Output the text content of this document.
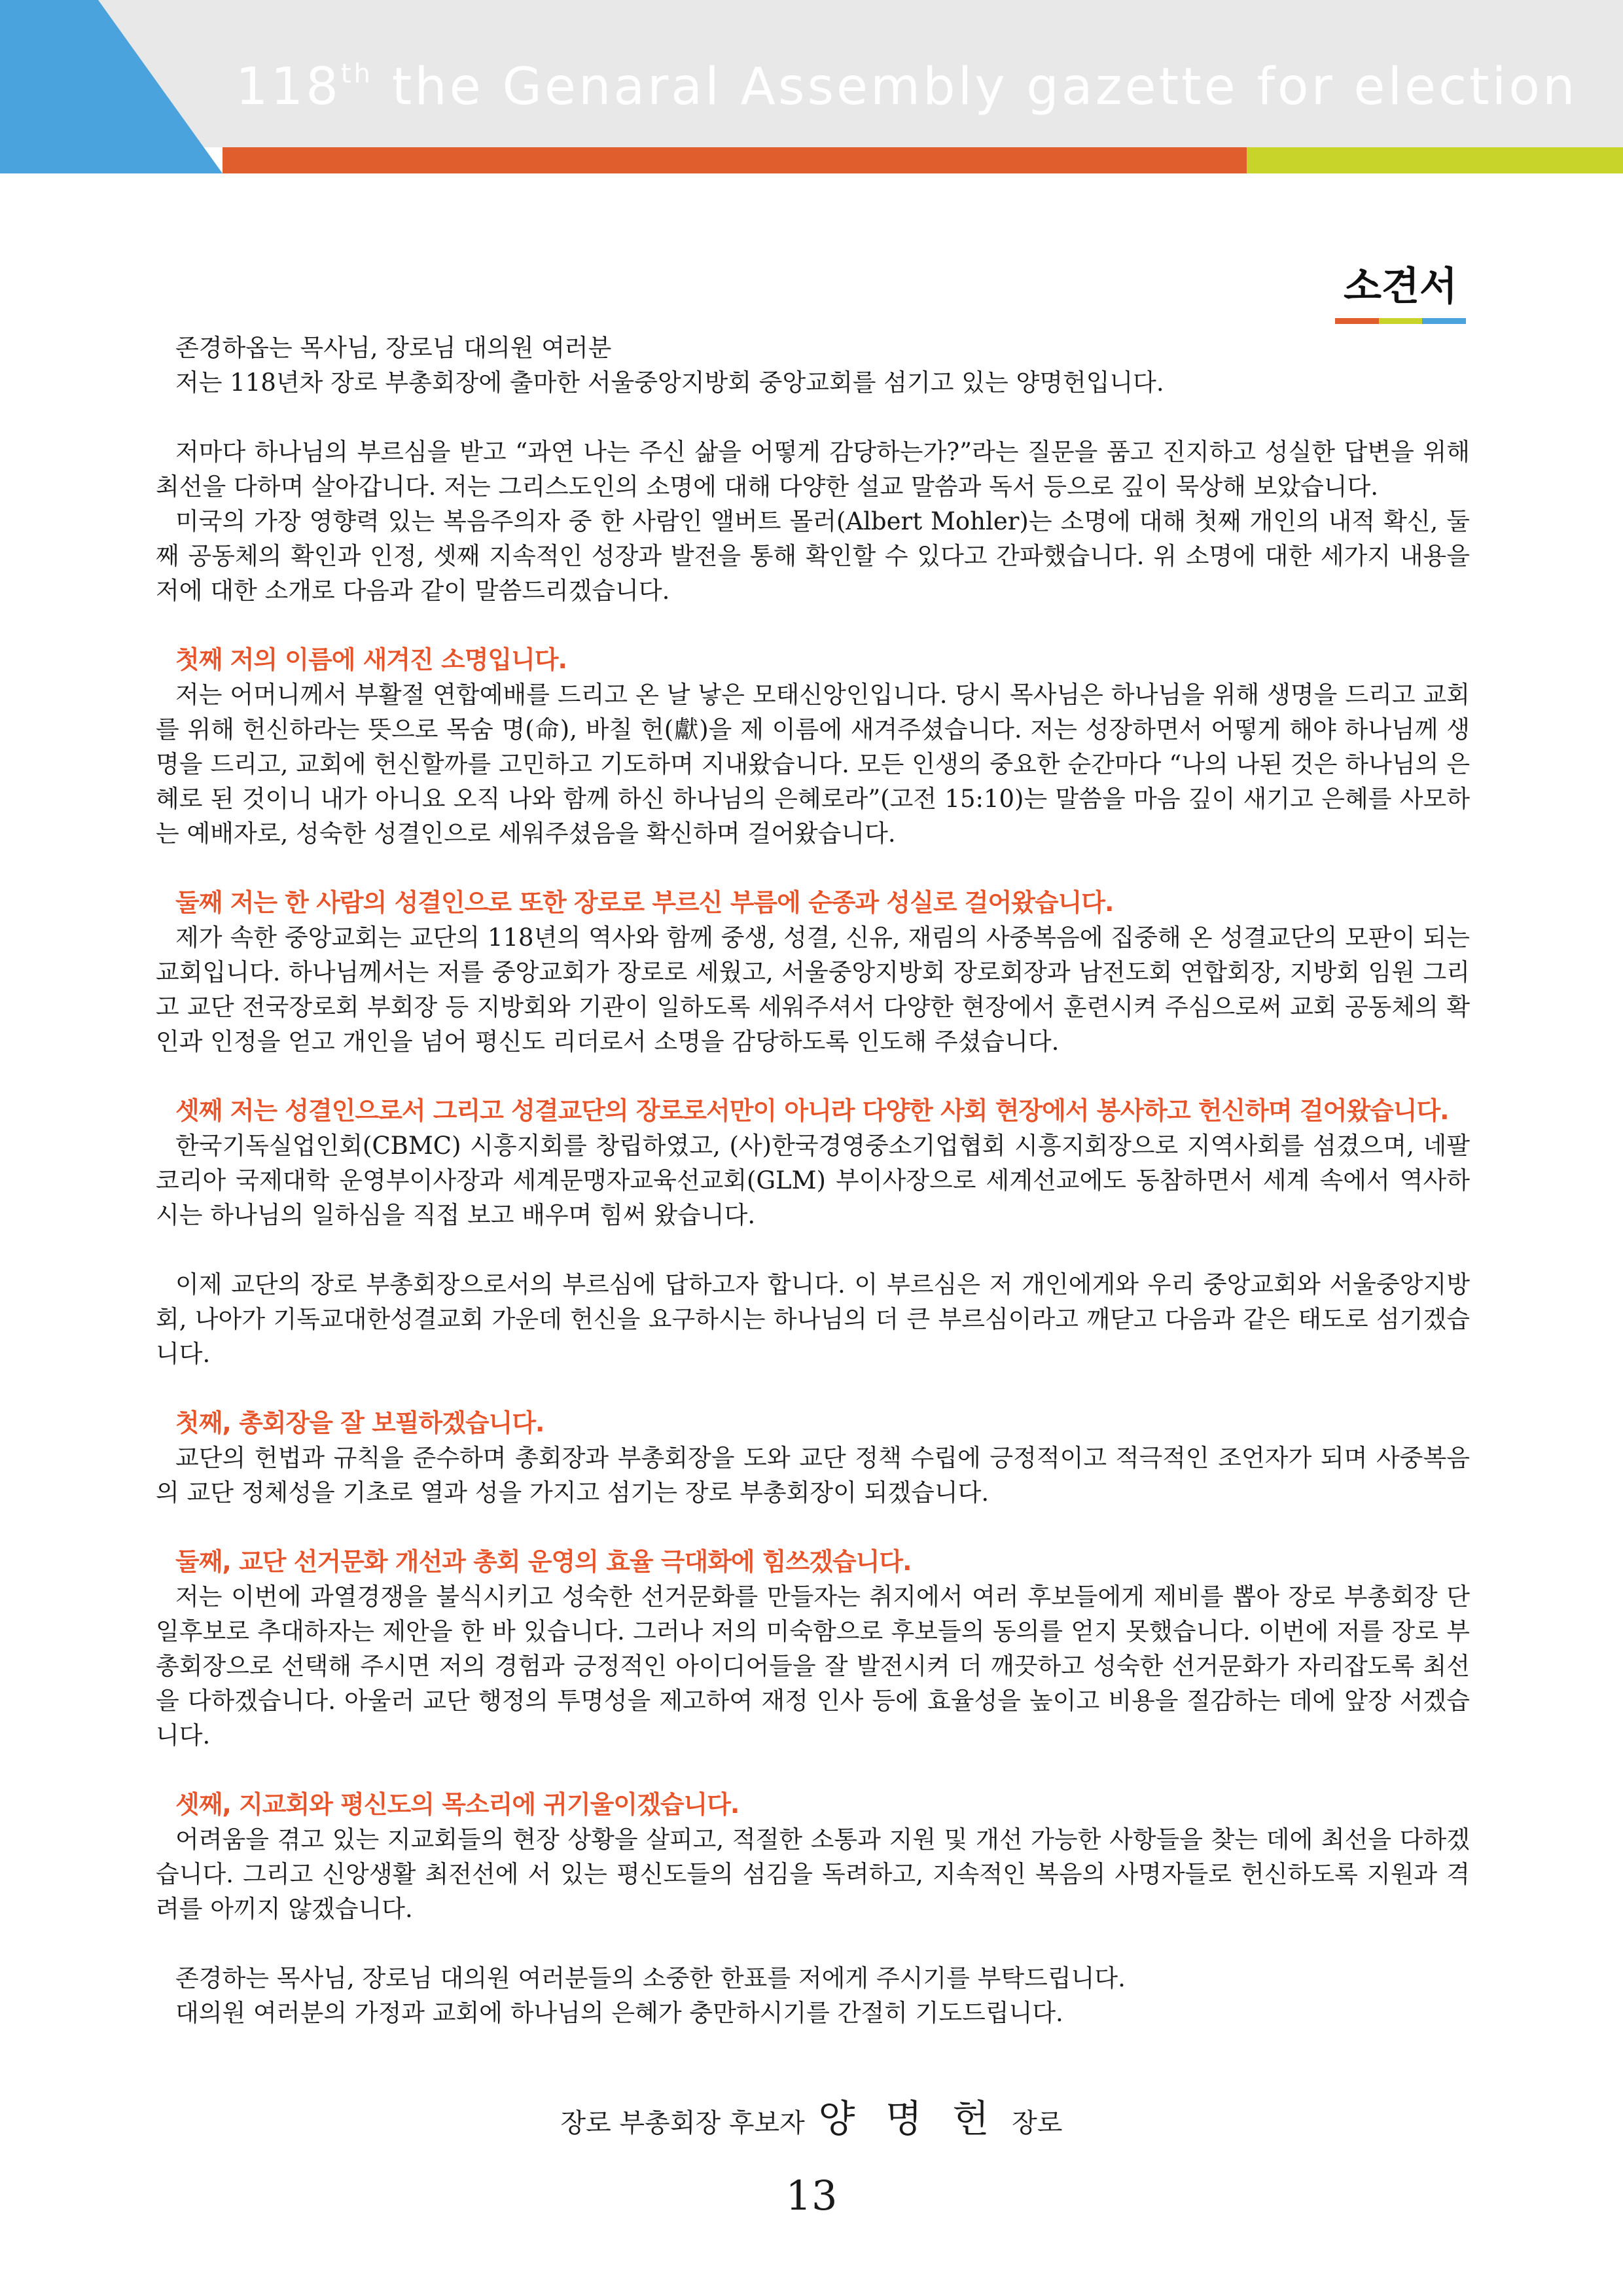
118th the Genaral Assembly gazette for election
소견서

존경하옵는 목사님, 장로님 대의원 여러분

저는 118년차 장로 부총회장에 출마한 서울중앙지방회 중앙교회를 섬기고 있는 양명헌입니다.

저마다 하나님의 부르심을 받고 “과연 나는 주신 삶을 어떻게 감당하는가?”라는 질문을 품고 진지하고 성실한 답변을 위해 최선을 다하며 살아갑니다. 저는 그리스도인의 소명에 대해 다양한 설교 말씀과 독서 등으로 깊이 묵상해 보았습니다.

미국의 가장 영향력 있는 복음주의자 중 한 사람인 앨버트 몰러(Albert Mohler)는 소명에 대해 첫째 개인의 내적 확신, 둘째 공동체의 확인과 인정, 셋째 지속적인 성장과 발전을 통해 확인할 수 있다고 간파했습니다. 위 소명에 대한 세가지 내용을 저에 대한 소개로 다음과 같이 말씀드리겠습니다.

첫째 저의 이름에 새겨진 소명입니다.

저는 어머니께서 부활절 연합예배를 드리고 온 날 낳은 모태신앙인입니다. 당시 목사님은 하나님을 위해 생명을 드리고 교회를 위해 헌신하라는 뜻으로 목숨 명(命), 바칠 헌(獻)을 제 이름에 새겨주셨습니다. 저는 성장하면서 어떻게 해야 하나님께 생명을 드리고, 교회에 헌신할까를 고민하고 기도하며 지내왔습니다. 모든 인생의 중요한 순간마다 “나의 나된 것은 하나님의 은혜로 된 것이니 내가 아니요 오직 나와 함께 하신 하나님의 은혜로라”(고전 15:10)는 말씀을 마음 깊이 새기고 은혜를 사모하는 예배자로, 성숙한 성결인으로 세워주셨음을 확신하며 걸어왔습니다.

둘째 저는 한 사람의 성결인으로 또한 장로로 부르신 부름에 순종과 성실로 걸어왔습니다.

제가 속한 중앙교회는 교단의 118년의 역사와 함께 중생, 성결, 신유, 재림의 사중복음에 집중해 온 성결교단의 모판이 되는 교회입니다. 하나님께서는 저를 중앙교회가 장로로 세웠고, 서울중앙지방회 장로회장과 남전도회 연합회장, 지방회 임원 그리고 교단 전국장로회 부회장 등 지방회와 기관이 일하도록 세워주셔서 다양한 현장에서 훈련시켜 주심으로써 교회 공동체의 확인과 인정을 얻고 개인을 넘어 평신도 리더로서 소명을 감당하도록 인도해 주셨습니다.

셋째 저는 성결인으로서 그리고 성결교단의 장로로서만이 아니라 다양한 사회 현장에서 봉사하고 헌신하며 걸어왔습니다.

한국기독실업인회(CBMC) 시흥지회를 창립하였고, (사)한국경영중소기업협회 시흥지회장으로 지역사회를 섬겼으며, 네팔 코리아 국제대학 운영부이사장과 세계문맹자교육선교회(GLM) 부이사장으로 세계선교에도 동참하면서 세계 속에서 역사하시는 하나님의 일하심을 직접 보고 배우며 힘써 왔습니다.

이제 교단의 장로 부총회장으로서의 부르심에 답하고자 합니다. 이 부르심은 저 개인에게와 우리 중앙교회와 서울중앙지방회, 나아가 기독교대한성결교회 가운데 헌신을 요구하시는 하나님의 더 큰 부르심이라고 깨닫고 다음과 같은 태도로 섬기겠습니다.

첫째, 총회장을 잘 보필하겠습니다.

교단의 헌법과 규칙을 준수하며 총회장과 부총회장을 도와 교단 정책 수립에 긍정적이고 적극적인 조언자가 되며 사중복음의 교단 정체성을 기초로 열과 성을 가지고 섬기는 장로 부총회장이 되겠습니다.

둘째, 교단 선거문화 개선과 총회 운영의 효율 극대화에 힘쓰겠습니다.

저는 이번에 과열경쟁을 불식시키고 성숙한 선거문화를 만들자는 취지에서 여러 후보들에게 제비를 뽑아 장로 부총회장 단일후보로 추대하자는 제안을 한 바 있습니다. 그러나 저의 미숙함으로 후보들의 동의를 얻지 못했습니다. 이번에 저를 장로 부총회장으로 선택해 주시면 저의 경험과 긍정적인 아이디어들을 잘 발전시켜 더 깨끗하고 성숙한 선거문화가 자리잡도록 최선을 다하겠습니다. 아울러 교단 행정의 투명성을 제고하여 재정 인사 등에 효율성을 높이고 비용을 절감하는 데에 앞장 서겠습니다.

셋째, 지교회와 평신도의 목소리에 귀기울이겠습니다.

어려움을 겪고 있는 지교회들의 현장 상황을 살피고, 적절한 소통과 지원 및 개선 가능한 사항들을 찾는 데에 최선을 다하겠습니다. 그리고 신앙생활 최전선에 서 있는 평신도들의 섬김을 독려하고, 지속적인 복음의 사명자들로 헌신하도록 지원과 격려를 아끼지 않겠습니다.

존경하는 목사님, 장로님 대의원 여러분들의 소중한 한표를 저에게 주시기를 부탁드립니다.

대의원 여러분의 가정과 교회에 하나님의 은혜가 충만하시기를 간절히 기도드립니다.

장로 부총회장 후보자 양 명 헌 장로
13
